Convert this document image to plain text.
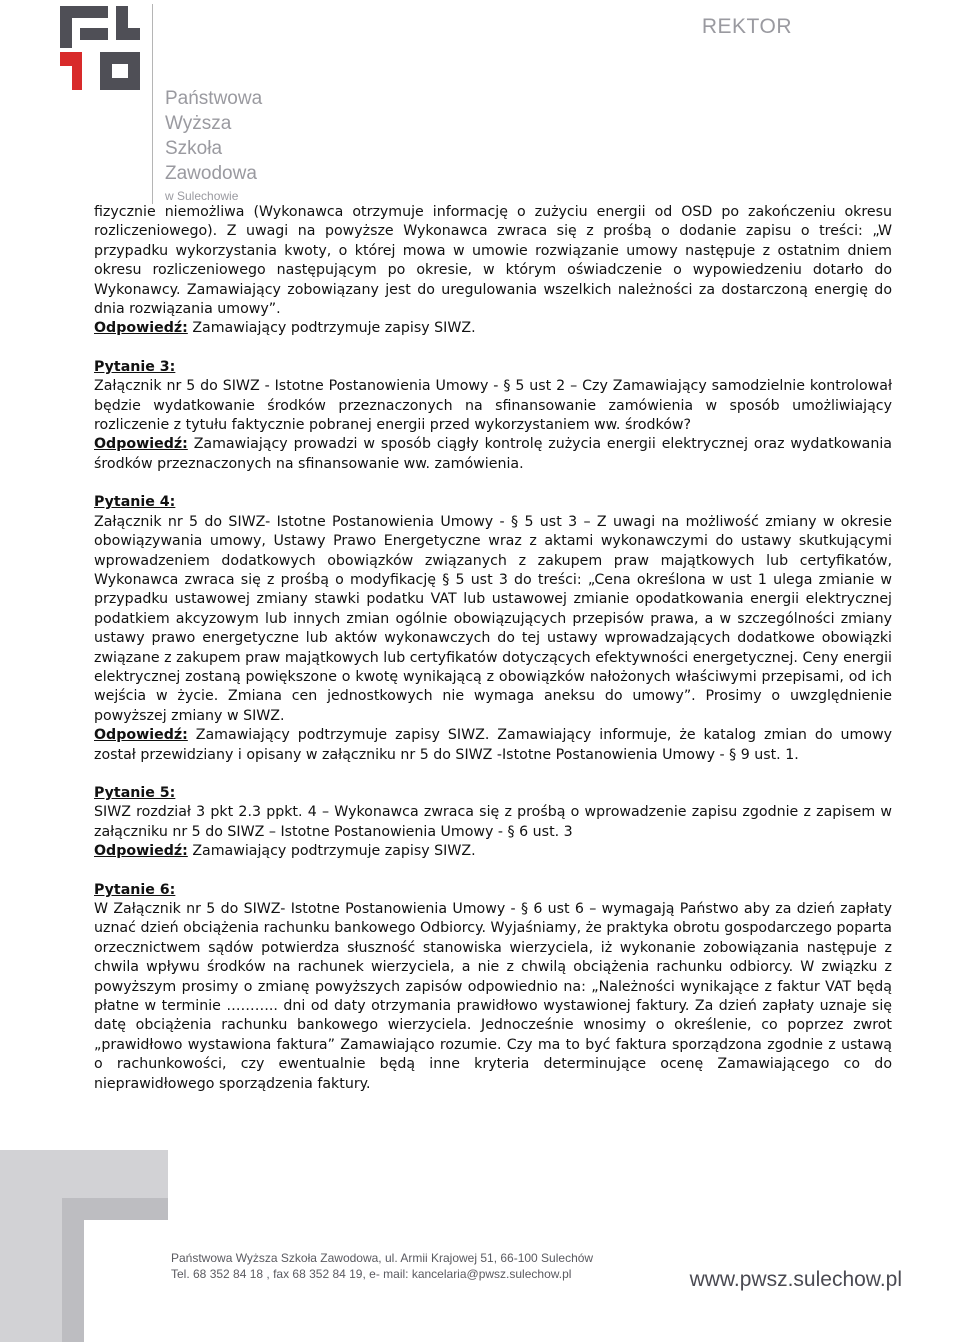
Państwowa
Wyższa
Szkoła
Zawodowa
w Sulechowie
REKTOR

fizycznie niemożliwa (Wykonawca otrzymuje informację o zużyciu energii od OSD po zakończeniu okresu rozliczeniowego). Z uwagi na powyższe Wykonawca zwraca się z prośbą o dodanie zapisu o treści: „W przypadku wykorzystania kwoty, o której mowa w umowie rozwiązanie umowy następuje z ostatnim dniem okresu rozliczeniowego następującym po okresie, w którym oświadczenie o wypowiedzeniu dotarło do Wykonawcy. Zamawiający zobowiązany jest do uregulowania wszelkich należności za dostarczoną energię do dnia rozwiązania umowy”.

Odpowiedź: Zamawiający podtrzymuje zapisy SIWZ.

Pytanie 3:

Załącznik nr 5 do SIWZ - Istotne Postanowienia Umowy - § 5 ust 2 – Czy Zamawiający samodzielnie kontrolował będzie wydatkowanie środków przeznaczonych na sfinansowanie zamówienia w sposób umożliwiający rozliczenie z tytułu faktycznie pobranej energii przed wykorzystaniem ww. środków?

Odpowiedź: Zamawiający prowadzi w sposób ciągły kontrolę zużycia energii elektrycznej oraz wydatkowania środków przeznaczonych na sfinansowanie ww. zamówienia.

Pytanie 4:

Załącznik nr 5 do SIWZ- Istotne Postanowienia Umowy - § 5 ust 3 – Z uwagi na możliwość zmiany w okresie obowiązywania umowy, Ustawy Prawo Energetyczne wraz z aktami wykonawczymi do ustawy skutkującymi wprowadzeniem dodatkowych obowiązków związanych z zakupem praw majątkowych lub certyfikatów, Wykonawca zwraca się z prośbą o modyfikację § 5 ust 3 do treści: „Cena określona w ust 1 ulega zmianie w przypadku ustawowej zmiany stawki podatku VAT lub ustawowej zmianie opodatkowania energii elektrycznej podatkiem akcyzowym lub innych zmian ogólnie obowiązujących przepisów prawa, a w szczególności zmiany ustawy prawo energetyczne lub aktów wykonawczych do tej ustawy wprowadzających dodatkowe obowiązki związane z zakupem praw majątkowych lub certyfikatów dotyczących efektywności energetycznej. Ceny energii elektrycznej zostaną powiększone o kwotę wynikającą z obowiązków nałożonych właściwymi przepisami, od ich wejścia w życie. Zmiana cen jednostkowych nie wymaga aneksu do umowy”. Prosimy o uwzględnienie powyższej zmiany w SIWZ.

Odpowiedź: Zamawiający podtrzymuje zapisy SIWZ. Zamawiający informuje, że katalog zmian do umowy został przewidziany i opisany w załączniku nr 5 do SIWZ -Istotne Postanowienia Umowy - § 9 ust. 1.

Pytanie 5:

SIWZ rozdział 3 pkt 2.3 ppkt. 4 – Wykonawca zwraca się z prośbą o wprowadzenie zapisu zgodnie z zapisem w załączniku nr 5 do SIWZ – Istotne Postanowienia Umowy - § 6 ust. 3

Odpowiedź: Zamawiający podtrzymuje zapisy SIWZ.

Pytanie 6:

W Załącznik nr 5 do SIWZ- Istotne Postanowienia Umowy - § 6 ust 6 – wymagają Państwo aby za dzień zapłaty uznać dzień obciążenia rachunku bankowego Odbiorcy. Wyjaśniamy, że praktyka obrotu gospodarczego poparta orzecznictwem sądów potwierdza słuszność stanowiska wierzyciela, iż wykonanie zobowiązania następuje z chwila wpływu środków na rachunek wierzyciela, a nie z chwilą obciążenia rachunku odbiorcy. W związku z powyższym prosimy o zmianę powyższych zapisów odpowiednio na: „Należności wynikające z faktur VAT będą płatne w terminie ……….. dni od daty otrzymania prawidłowo wystawionej faktury. Za dzień zapłaty uznaje się datę obciążenia rachunku bankowego wierzyciela. Jednocześnie wnosimy o określenie, co poprzez zwrot „prawidłowo wystawiona faktura” Zamawiająco rozumie. Czy ma to być faktura sporządzona zgodnie z ustawą o rachunkowości, czy ewentualnie będą inne kryteria determinujące ocenę Zamawiającego co do nieprawidłowego sporządzenia faktury.

Państwowa Wyższa Szkoła Zawodowa, ul. Armii Krajowej 51, 66-100 Sulechów
Tel. 68 352 84 18 , fax 68 352 84 19, e- mail: kancelaria@pwsz.sulechow.pl	www.pwsz.sulechow.pl
